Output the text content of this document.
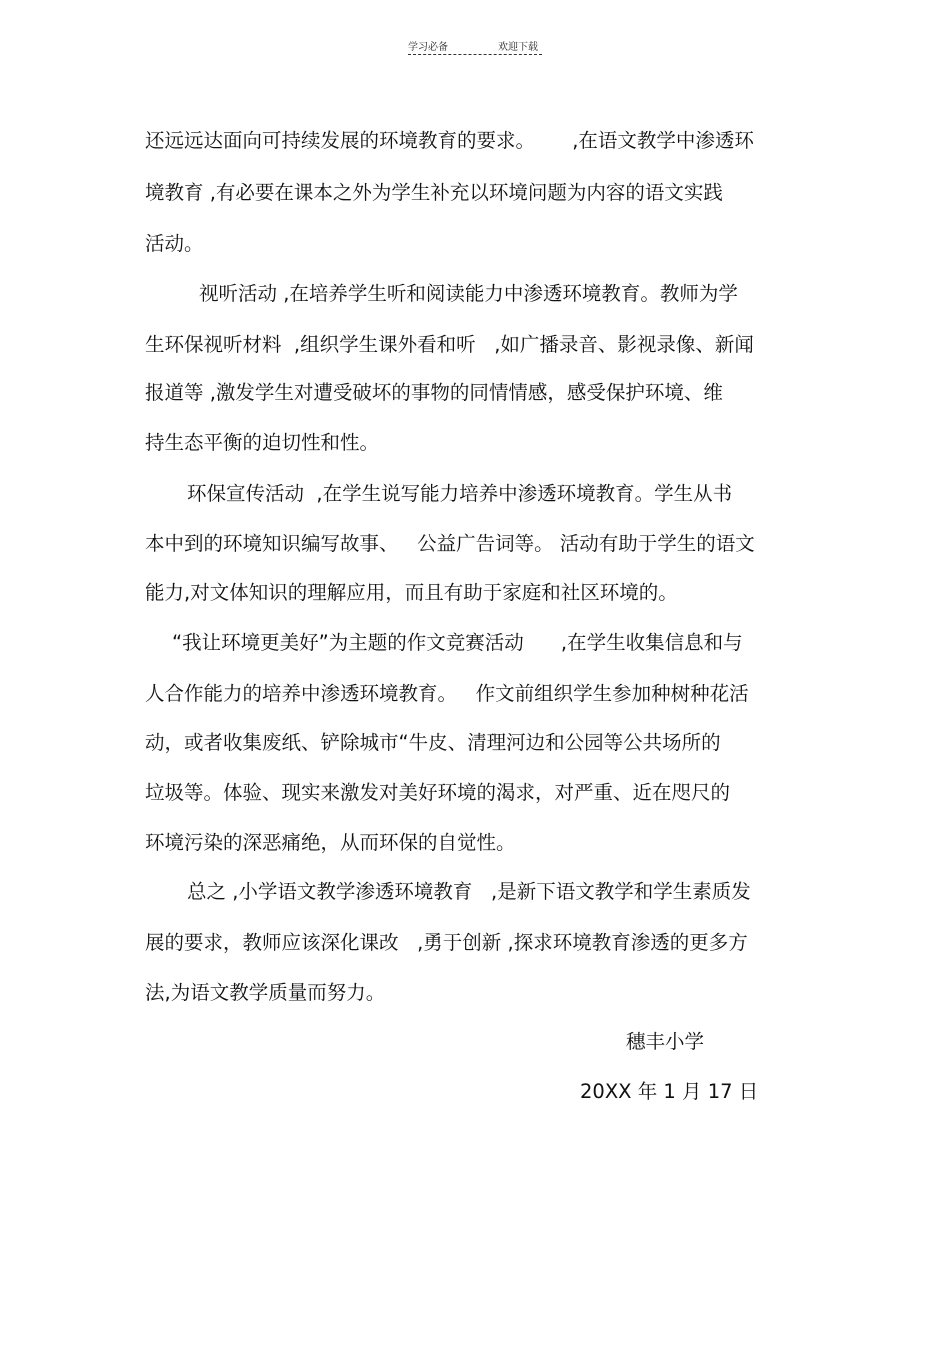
学习必备	欢迎下载
还远远达面向可持续发展的环境教育的要求。      ,在语文教学中渗透环
境教育 ,有必要在课本之外为学生补充以环境问题为内容的语文实践
活动。
视听活动 ,在培养学生听和阅读能力中渗透环境教育。教师为学
生环保视听材料  ,组织学生课外看和听   ,如广播录音、影视录像、新闻
报道等 ,激发学生对遭受破坏的事物的同情情感，感受保护环境、维
持生态平衡的迫切性和性。
环保宣传活动  ,在学生说写能力培养中渗透环境教育。学生从书
本中到的环境知识编写故事、   公益广告词等。 活动有助于学生的语文
能力,对文体知识的理解应用，而且有助于家庭和社区环境的。
“我让环境更美好”为主题的作文竞赛活动      ,在学生收集信息和与
人合作能力的培养中渗透环境教育。   作文前组织学生参加种树种花活
动，或者收集废纸、铲除城市“牛皮、清理河边和公园等公共场所的
垃圾等。体验、现实来激发对美好环境的渴求，对严重、近在咫尺的
环境污染的深恶痛绝，从而环保的自觉性。
总之 ,小学语文教学渗透环境教育   ,是新下语文教学和学生素质发
展的要求，教师应该深化课改   ,勇于创新 ,探求环境教育渗透的更多方
法,为语文教学质量而努力。
穗丰小学
20XX 年 1 月 17 日
